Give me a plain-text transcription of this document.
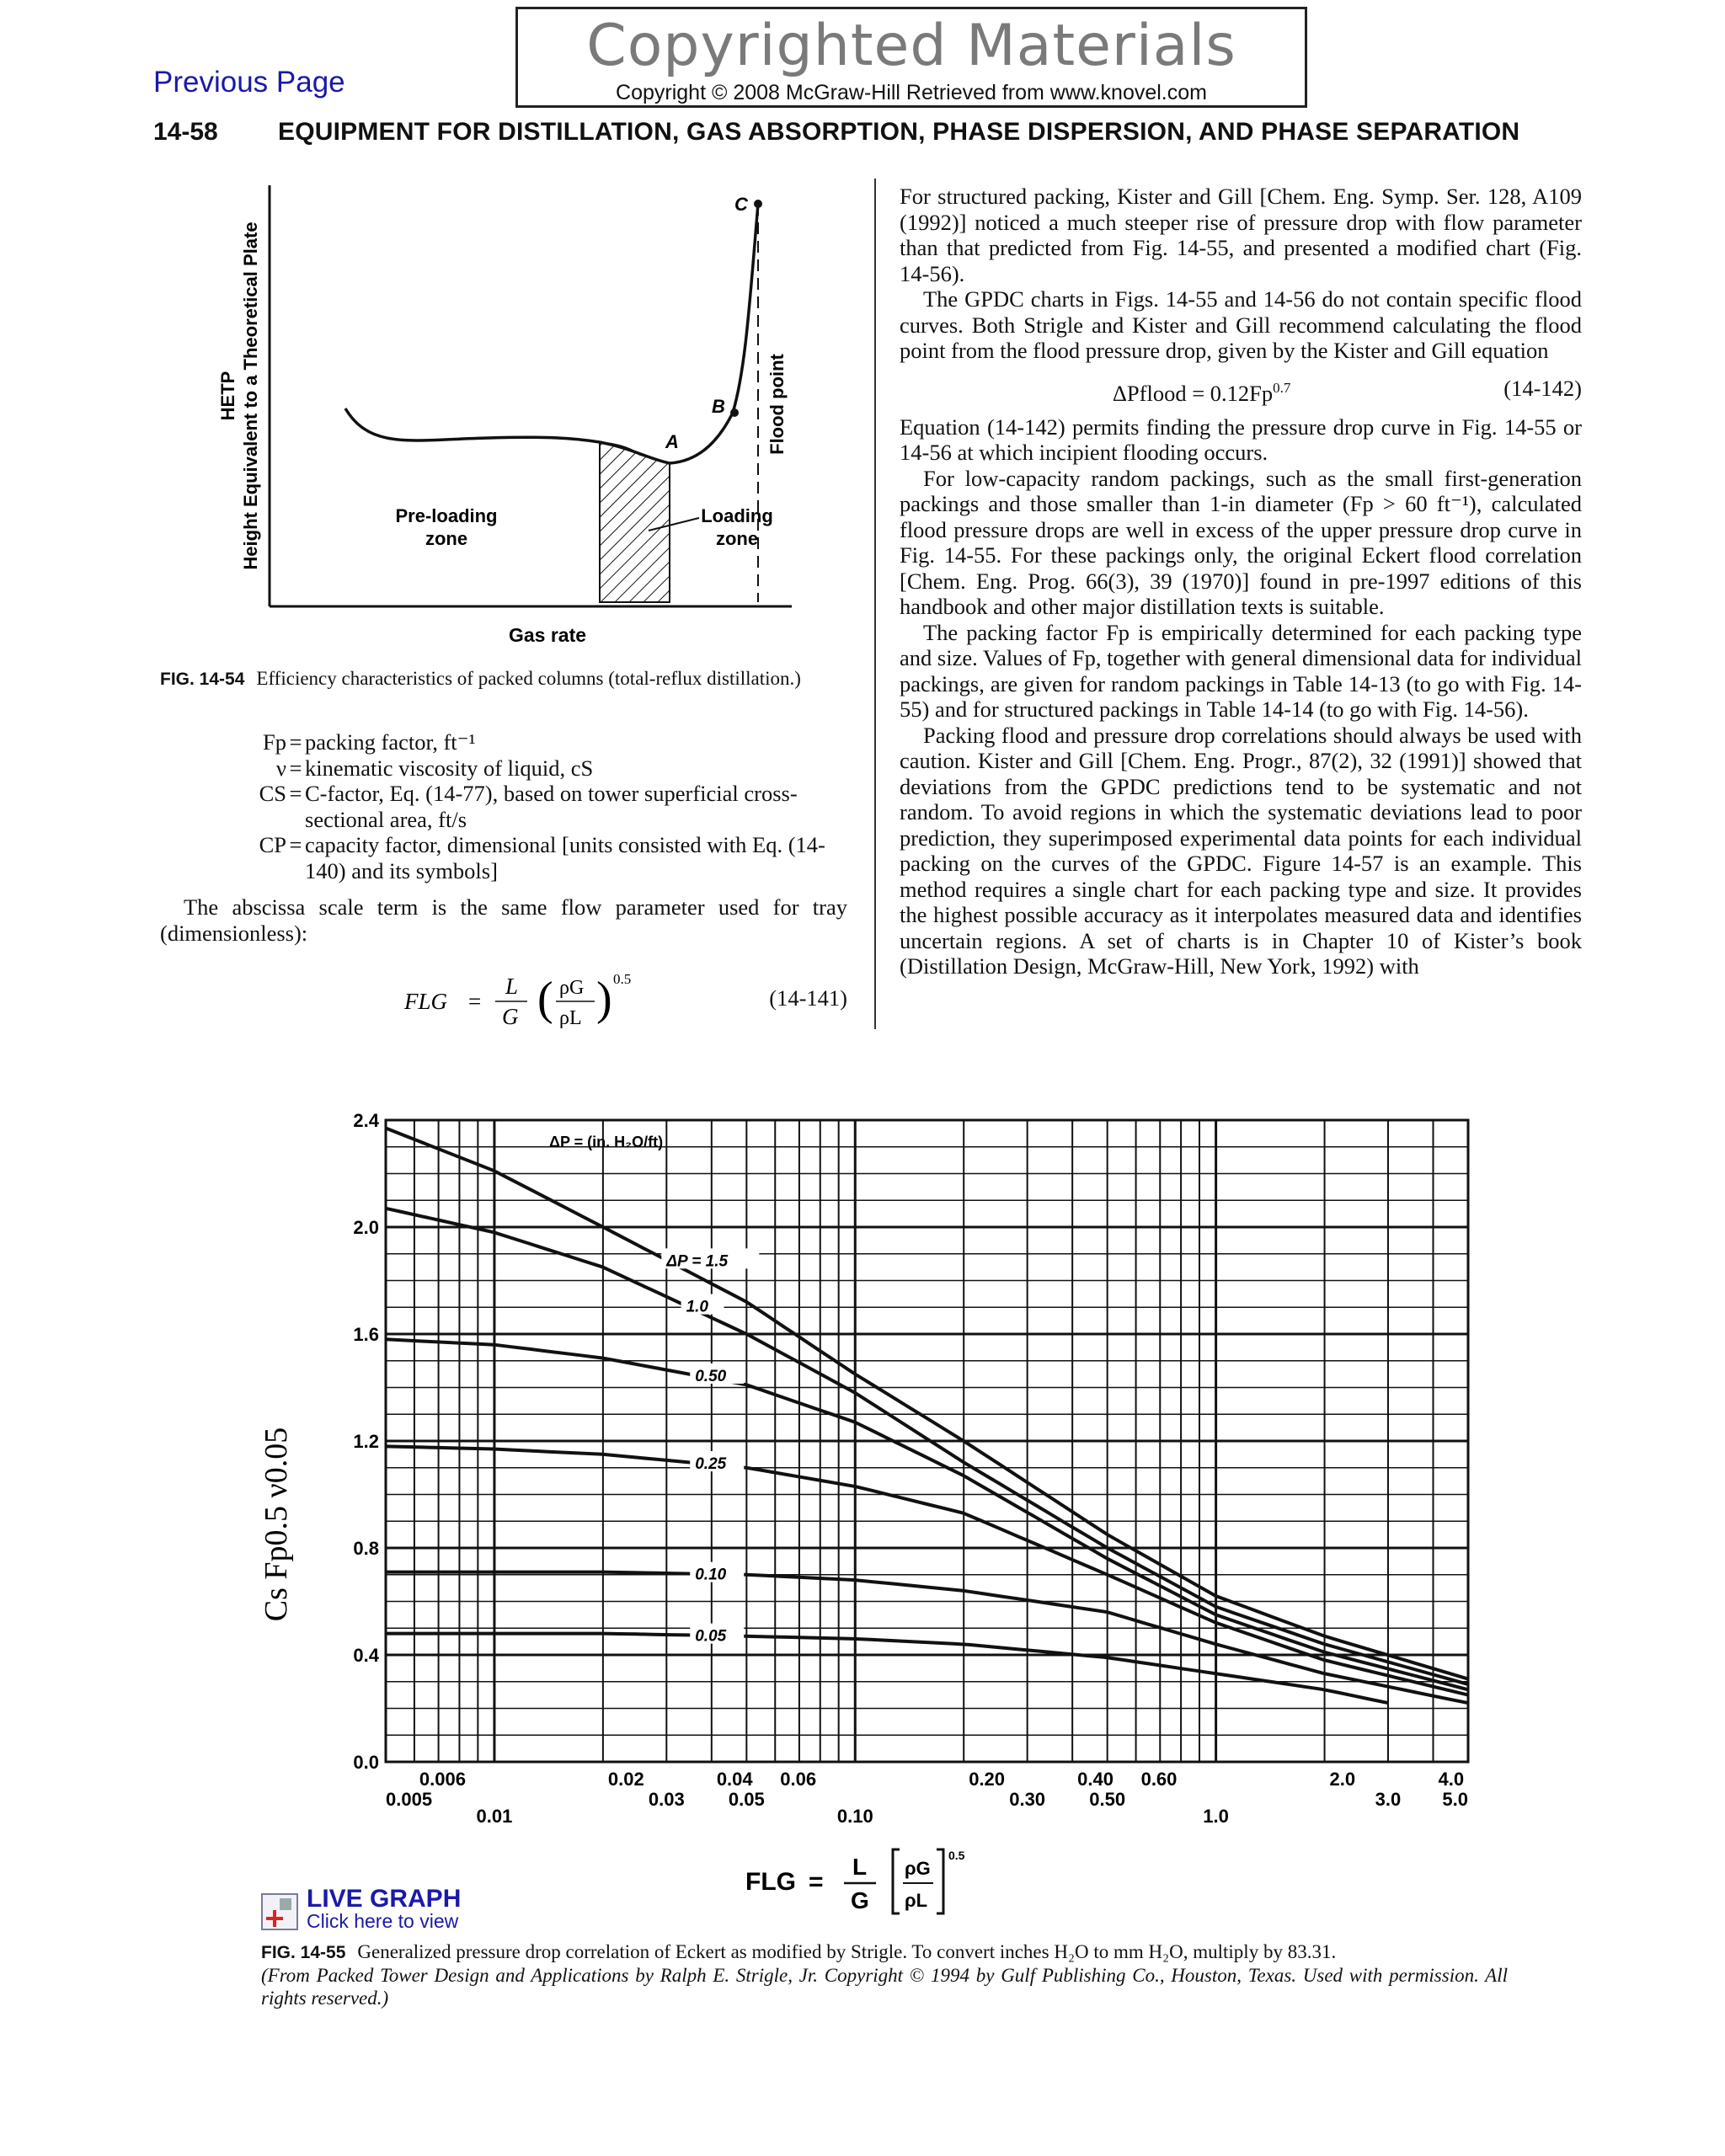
Copyrighted Materials
Copyright © 2008 McGraw-Hill Retrieved from www.knovel.com
Previous Page
14-58 EQUIPMENT FOR DISTILLATION, GAS ABSORPTION, PHASE DISPERSION, AND PHASE SEPARATION
HETP Height Equivalent to a Theoretical Plate
Gas rate
A
B
C
Flood point
Pre-loading
zone
Loading
zone
FIG. 14-54 Efficiency characteristics of packed columns (total-reflux distillation.)
Fp = packing factor, ft⁻¹
ν = kinematic viscosity of liquid, cS
CS = C-factor, Eq. (14-77), based on tower superficial cross-sectional area, ft/s
CP = capacity factor, dimensional [units consisted with Eq. (14-140) and its symbols]

The abscissa scale term is the same flow parameter used for tray (dimensionless):

FLG =
L
G ( ρG
ρL ) 0.5
(14-141)

For structured packing, Kister and Gill [Chem. Eng. Symp. Ser. 128, A109 (1992)] noticed a much steeper rise of pressure drop with flow parameter than that predicted from Fig. 14-55, and presented a modified chart (Fig. 14-56).

The GPDC charts in Figs. 14-55 and 14-56 do not contain specific flood curves. Both Strigle and Kister and Gill recommend calculating the flood point from the flood pressure drop, given by the Kister and Gill equation

ΔPflood = $0.12Fp^{0.7}$	(14-142)

Equation (14-142) permits finding the pressure drop curve in Fig. 14-55 or 14-56 at which incipient flooding occurs.

For low-capacity random packings, such as the small first-generation packings and those smaller than 1-in diameter (Fp > 60 ft⁻¹), calculated flood pressure drops are well in excess of the upper pressure drop curve in Fig. 14-55. For these packings only, the original Eckert flood correlation [Chem. Eng. Prog. 66(3), 39 (1970)] found in pre-1997 editions of this handbook and other major distillation texts is suitable.

The packing factor Fp is empirically determined for each packing type and size. Values of Fp, together with general dimensional data for individual packings, are given for random packings in Table 14-13 (to go with Fig. 14-55) and for structured packings in Table 14-14 (to go with Fig. 14-56).

Packing flood and pressure drop correlations should always be used with caution. Kister and Gill [Chem. Eng. Progr., 87(2), 32 (1991)] showed that deviations from the GPDC predictions tend to be systematic and not random. To avoid regions in which the systematic deviations lead to poor prediction, they superimposed experimental data points for each individual packing on the curves of the GPDC. Figure 14-57 is an example. This method requires a single chart for each packing type and size. It provides the highest possible accuracy as it interpolates measured data and identifies uncertain regions. A set of charts is in Chapter 10 of Kister’s book (Distillation Design, McGraw-Hill, New York, 1992) with

0.0
0.4
0.8
1.2
1.6
2.0
2.4
0.006	0.02	0.04 0.06	0.20	0.40 0.60	2.0	4.0
0.005	0.03 0.05	0.30 0.50	3.0 5.0
0.01	0.10	1.0
ΔP = 1.5
1.0
0.50
0.25
0.10
0.05
Cs Fp0.5 ν0.05
ΔP = (in. H₂O/ft)
FLG =
L
G
ρG
ρL
0.5
LIVE GRAPH
Click here to view
FIG. 14-55 Generalized pressure drop correlation of Eckert as modified by Strigle. To convert inches H₂O to mm H₂O, multiply by 83.31.
(From Packed Tower Design and Applications by Ralph E. Strigle, Jr. Copyright © 1994 by Gulf Publishing Co., Houston, Texas. Used with permission. All rights reserved.)
